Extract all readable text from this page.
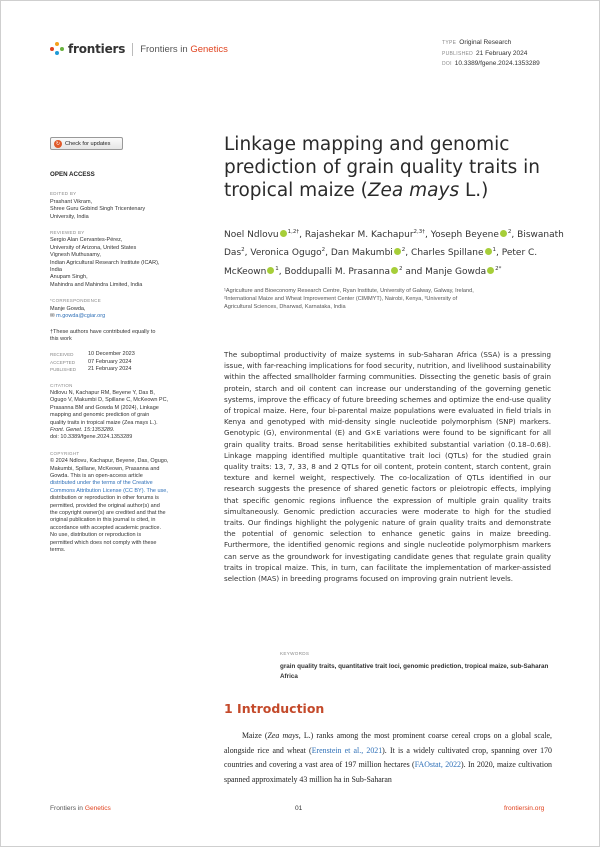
frontiers Frontiers in Genetics
TYPE Original Research
PUBLISHED 21 February 2024
DOI 10.3389/fgene.2024.1353289
↻ Check for updates
OPEN ACCESS
EDITED BY
Prashant Vikram,
Shree Guru Gobind Singh Tricentenary
University, India
REVIEWED BY
Sergio Alan Cervantes-Pérez,
University of Arizona, United States
Vignesh Muthusamy,
Indian Agricultural Research Institute (ICAR),
India
Anupam Singh,
Mahindra and Mahindra Limited, India
*CORRESPONDENCE
Manje Gowda,
✉ m.gowda@cgiar.org
†These authors have contributed equally to
this work
RECEIVED	10 December 2023
ACCEPTED	07 February 2024
PUBLISHED	21 February 2024
CITATION
Ndlovu N, Kachapur RM, Beyene Y, Das B,
Ogugo V, Makumbi D, Spillane C, McKeown PC,
Prasanna BM and Gowda M (2024), Linkage
mapping and genomic prediction of grain
quality traits in tropical maize (Zea mays L.).
Front. Genet. 15:1353289.
doi: 10.3389/fgene.2024.1353289
COPYRIGHT
© 2024 Ndlovu, Kachapur, Beyene, Das, Ogugo,
Makumbi, Spillane, McKeown, Prasanna and
Gowda. This is an open-access article
distributed under the terms of the Creative
Commons Attribution License (CC BY). The use,
distribution or reproduction in other forums is
permitted, provided the original author(s) and
the copyright owner(s) are credited and that the
original publication in this journal is cited, in
accordance with accepted academic practice.
No use, distribution or reproduction is
permitted which does not comply with these
terms.
Linkage mapping and genomic
prediction of grain quality traits in
tropical maize (Zea mays L.)
Noel Ndlovu $^{1,2\dagger}$, Rajashekar M. Kachapur$^{2,3\dagger}$, Yoseph Beyene $^2$, Biswanath Das$^2$, Veronica Ogugo$^2$, Dan Makumbi $^2$, Charles Spillane $^1$, Peter C. McKeown $^1$, Boddupalli M. Prasanna $^2$ and Manje Gowda $^{2*}$
¹Agriculture and Bioeconomy Research Centre, Ryan Institute, University of Galway, Galway, Ireland,
²International Maize and Wheat Improvement Center (CIMMYT), Nairobi, Kenya, ³University of
Agricultural Sciences, Dharwad, Karnataka, India

The suboptimal productivity of maize systems in sub-Saharan Africa (SSA) is a pressing issue, with far-reaching implications for food security, nutrition, and livelihood sustainability within the affected smallholder farming communities. Dissecting the genetic basis of grain protein, starch and oil content can increase our understanding of the governing genetic systems, improve the efficacy of future breeding schemes and optimize the end-use quality of tropical maize. Here, four bi-parental maize populations were evaluated in field trials in Kenya and genotyped with mid-density single nucleotide polymorphism (SNP) markers. Genotypic (G), environmental (E) and G×E variations were found to be significant for all grain quality traits. Broad sense heritabilities exhibited substantial variation (0.18–0.68). Linkage mapping identified multiple quantitative trait loci (QTLs) for the studied grain quality traits: 13, 7, 33, 8 and 2 QTLs for oil content, protein content, starch content, grain texture and kernel weight, respectively. The co-localization of QTLs identified in our research suggests the presence of shared genetic factors or pleiotropic effects, implying that specific genomic regions influence the expression of multiple grain quality traits simultaneously. Genomic prediction accuracies were moderate to high for the studied traits. Our findings highlight the polygenic nature of grain quality traits and demonstrate the potential of genomic selection to enhance genetic gains in maize breeding. Furthermore, the identified genomic regions and single nucleotide polymorphism markers can serve as the groundwork for investigating candidate genes that regulate grain quality traits in tropical maize. This, in turn, can facilitate the implementation of marker-assisted selection (MAS) in breeding programs focused on improving grain nutrient levels.

KEYWORDS
grain quality traits, quantitative trait loci, genomic prediction, tropical maize, sub-Saharan Africa
1 Introduction

Maize (Zea mays, L.) ranks among the most prominent coarse cereal crops on a global scale, alongside rice and wheat (Erenstein et al., 2021). It is a widely cultivated crop, spanning over 170 countries and covering a vast area of 197 million hectares (FAOstat, 2022). In 2020, maize cultivation spanned approximately 43 million ha in Sub-Saharan

Frontiers in Genetics	01	frontiersin.org
